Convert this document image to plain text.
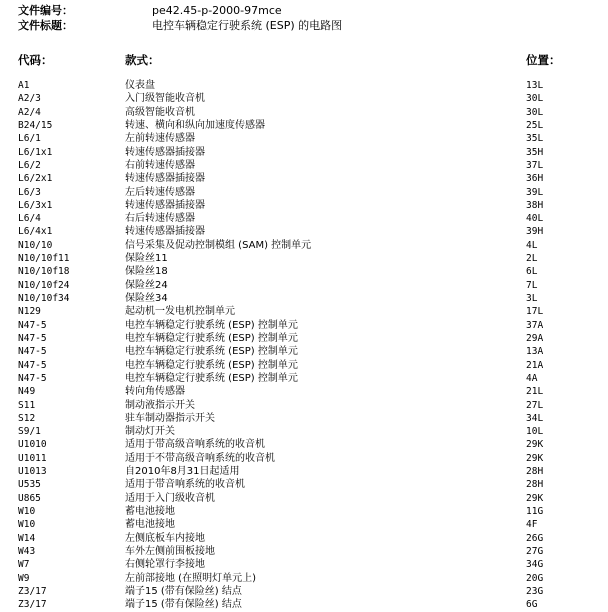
文件编号：	pe42.45-p-2000-97mce
文件标题：	电控车辆稳定行驶系统 (ESP) 的电路图
代码：	款式：	位置：
A1	仪表盘	13L
A2/3	入门级智能收音机	30L
A2/4	高级智能收音机	30L
B24/15	转速、横向和纵向加速度传感器	25L
L6/1	左前转速传感器	35L
L6/1x1	转速传感器插接器	35H
L6/2	右前转速传感器	37L
L6/2x1	转速传感器插接器	36H
L6/3	左后转速传感器	39L
L6/3x1	转速传感器插接器	38H
L6/4	右后转速传感器	40L
L6/4x1	转速传感器插接器	39H
N10/10	信号采集及促动控制模组 (SAM) 控制单元	4L
N10/10f11	保险丝11	2L
N10/10f18	保险丝18	6L
N10/10f24	保险丝24	7L
N10/10f34	保险丝34	3L
N129	起动机一发电机控制单元	17L
N47-5	电控车辆稳定行驶系统 (ESP) 控制单元	37A
N47-5	电控车辆稳定行驶系统 (ESP) 控制单元	29A
N47-5	电控车辆稳定行驶系统 (ESP) 控制单元	13A
N47-5	电控车辆稳定行驶系统 (ESP) 控制单元	21A
N47-5	电控车辆稳定行驶系统 (ESP) 控制单元	4A
N49	转向角传感器	21L
S11	制动液指示开关	27L
S12	驻车制动器指示开关	34L
S9/1	制动灯开关	10L
U1010	适用于带高级音响系统的收音机	29K
U1011	适用于不带高级音响系统的收音机	29K
U1013	自2010年8月31日起适用	28H
U535	适用于带音响系统的收音机	28H
U865	适用于入门级收音机	29K
W10	蓄电池接地	11G
W10	蓄电池接地	4F
W14	左侧底板车内接地	26G
W43	车外左侧前围板接地	27G
W7	右侧轮罩行李接地	34G
W9	左前部接地 (在照明灯单元上)	20G
Z3/17	端子15 (带有保险丝) 结点	23G
Z3/17	端子15 (带有保险丝) 结点	6G
